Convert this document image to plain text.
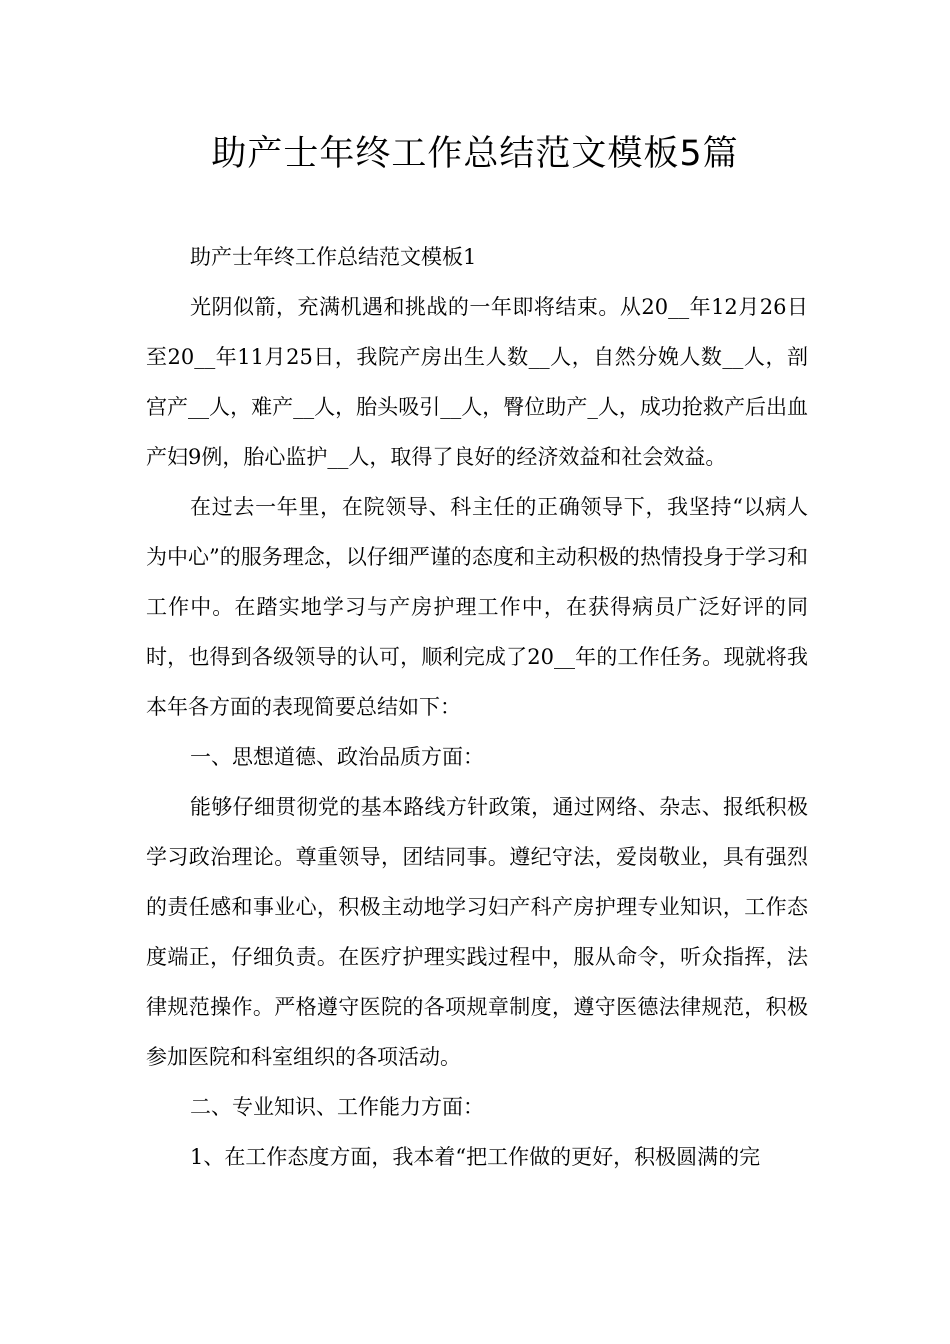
助产士年终工作总结范文模板5篇

助产士年终工作总结范文模板1

光阴似箭，充满机遇和挑战的一年即将结束。从20__年12月26日至20__年11月25日，我院产房出生人数__人，自然分娩人数__人，剖宫产__人，难产__人，胎头吸引__人，臀位助产_人，成功抢救产后出血产妇9例，胎心监护__人，取得了良好的经济效益和社会效益。

在过去一年里，在院领导、科主任的正确领导下，我坚持“以病人为中心”的服务理念，以仔细严谨的态度和主动积极的热情投身于学习和工作中。在踏实地学习与产房护理工作中，在获得病员广泛好评的同时，也得到各级领导的认可，顺利完成了20__年的工作任务。现就将我本年各方面的表现简要总结如下：

一、思想道德、政治品质方面：

能够仔细贯彻党的基本路线方针政策，通过网络、杂志、报纸积极学习政治理论。尊重领导，团结同事。遵纪守法，爱岗敬业，具有强烈的责任感和事业心，积极主动地学习妇产科产房护理专业知识，工作态度端正，仔细负责。在医疗护理实践过程中，服从命令，听众指挥，法律规范操作。严格遵守医院的各项规章制度，遵守医德法律规范，积极参加医院和科室组织的各项活动。

二、专业知识、工作能力方面：

1、在工作态度方面，我本着“把工作做的更好，积极圆满的完
